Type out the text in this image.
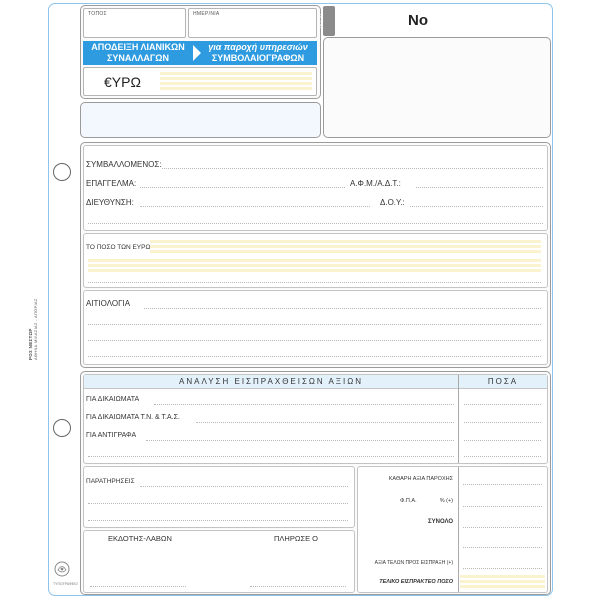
ΡΟΣ ΝΕΣΤΩΡ ΑΘΗΝΑ ΜΙΛΑΣΙΑΣ - ΑΠΟΡΙΑΣ
ΤΟΠΟΣ	ΗΜΕΡ/ΝΙΑ
ΑΠΟΔΕΙΞΗ ΛΙΑΝΙΚΩΝ
ΣΥΝΑΛΛΑΓΩΝ
για παροχή υπηρεσιών
ΣΥΜΒΟΛΑΙΟΓΡΑΦΩΝ
€ΥΡΩ
151-31	Νο
ΣΥΜΒΑΛΛΟΜΕΝΟΣ:
ΕΠΑΓΓΕΛΜΑ:	Α.Φ.Μ./Α.Δ.Τ.:
ΔΙΕΥΘΥΝΣΗ:	Δ.Ο.Υ.:
ΤΟ ΠΟΣΟ ΤΩΝ ΕΥΡΩ
ΑΙΤΙΟΛΟΓΙΑ
ΑΝΑΛΥΣΗ ΕΙΣΠΡΑΧΘΕΙΣΩΝ ΑΞΙΩΝ	ΠΟΣΑ
ΓΙΑ ΔΙΚΑΙΩΜΑΤΑ
ΓΙΑ ΔΙΚΑΙΩΜΑΤΑ Τ.Ν. & Τ.Α.Σ.
ΓΙΑ ΑΝΤΙΓΡΑΦΑ
ΠΑΡΑΤΗΡΗΣΕΙΣ
ΕΚΔΟΤΗΣ-ΛΑΒΩΝ	ΠΛΗΡΩΣΕ Ο
ΚΑΘΑΡΗ ΑΞΙΑ ΠΑΡΟΧΗΣ
Φ.Π.Α.	% (+)
ΣΥΝΟΛΟ
ΑΞΙΑ ΤΕΛΩΝ ΠΡΟΣ ΕΙΣΠΡΑΞΗ (+)
ΤΕΛΙΚΟ ΕΙΣΠΡΑΚΤΕΟ ΠΟΣΟ
ΤΥΠΟΓΡΑΦΕΙΟ
